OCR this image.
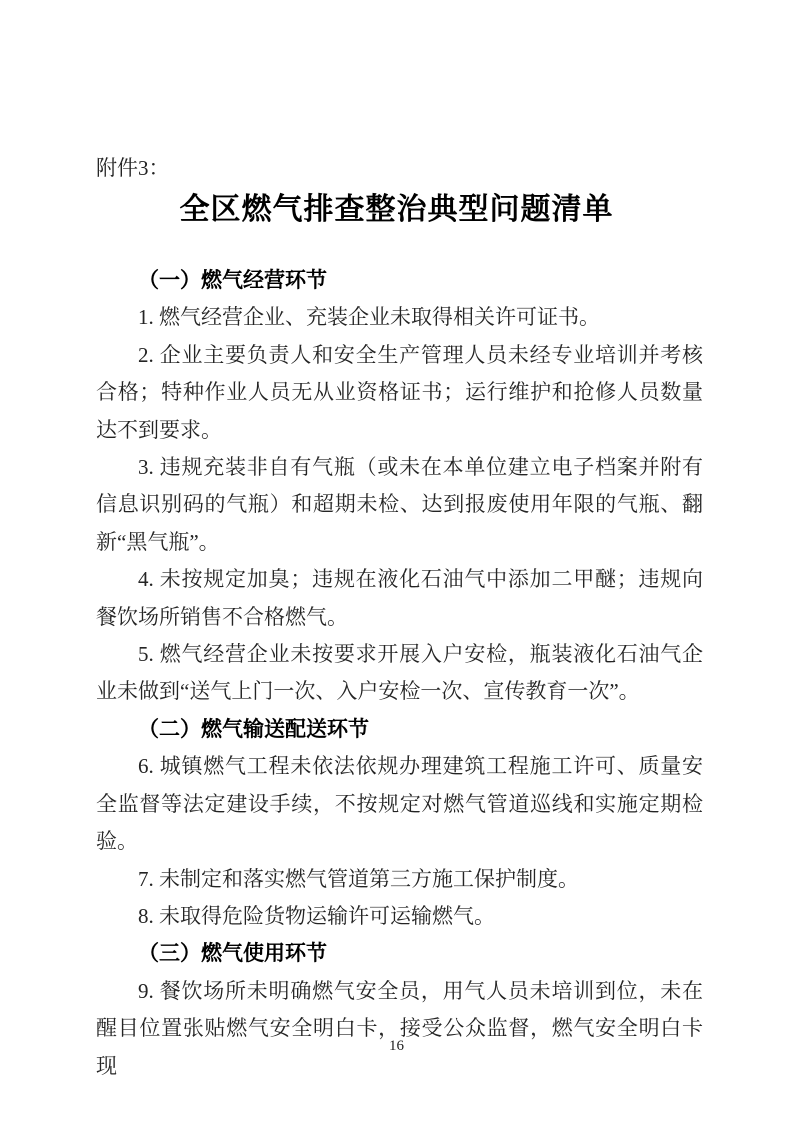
附件3：
全区燃气排查整治典型问题清单

（一）燃气经营环节

1. 燃气经营企业、充装企业未取得相关许可证书。

2. 企业主要负责人和安全生产管理人员未经专业培训并考核合格；特种作业人员无从业资格证书；运行维护和抢修人员数量达不到要求。

3. 违规充装非自有气瓶（或未在本单位建立电子档案并附有信息识别码的气瓶）和超期未检、达到报废使用年限的气瓶、翻新“黑气瓶”。

4. 未按规定加臭；违规在液化石油气中添加二甲醚；违规向餐饮场所销售不合格燃气。

5. 燃气经营企业未按要求开展入户安检，瓶装液化石油气企业未做到“送气上门一次、入户安检一次、宣传教育一次”。

（二）燃气输送配送环节

6. 城镇燃气工程未依法依规办理建筑工程施工许可、质量安全监督等法定建设手续，不按规定对燃气管道巡线和实施定期检验。

7. 未制定和落实燃气管道第三方施工保护制度。

8. 未取得危险货物运输许可运输燃气。

（三）燃气使用环节

9. 餐饮场所未明确燃气安全员，用气人员未培训到位，未在醒目位置张贴燃气安全明白卡，接受公众监督，燃气安全明白卡现

16
